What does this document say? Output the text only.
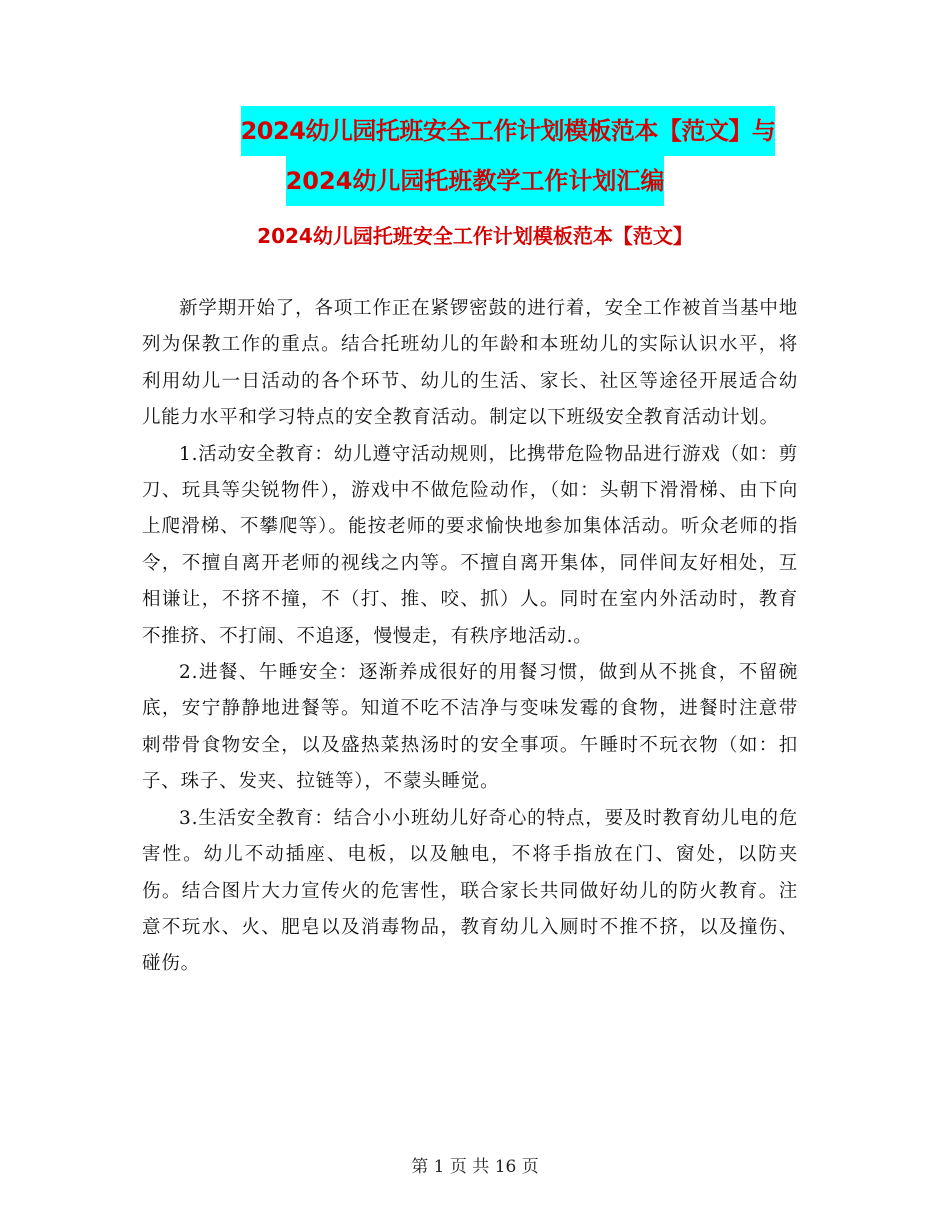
2024幼儿园托班安全工作计划模板范本【范文】与
2024幼儿园托班教学工作计划汇编
2024幼儿园托班安全工作计划模板范本【范文】

新学期开始了，各项工作正在紧锣密鼓的进行着，安全工作被首当基中地列为保教工作的重点。结合托班幼儿的年龄和本班幼儿的实际认识水平，将利用幼儿一日活动的各个环节、幼儿的生活、家长、社区等途径开展适合幼儿能力水平和学习特点的安全教育活动。制定以下班级安全教育活动计划。

1.活动安全教育：幼儿遵守活动规则，比携带危险物品进行游戏（如：剪刀、玩具等尖锐物件），游戏中不做危险动作，（如：头朝下滑滑梯、由下向上爬滑梯、不攀爬等）。能按老师的要求愉快地参加集体活动。听众老师的指令，不擅自离开老师的视线之内等。不擅自离开集体，同伴间友好相处，互相谦让，不挤不撞，不（打、推、咬、抓）人。同时在室内外活动时，教育不推挤、不打闹、不追逐，慢慢走，有秩序地活动.。

2.进餐、午睡安全：逐渐养成很好的用餐习惯，做到从不挑食，不留碗底，安宁静静地进餐等。知道不吃不洁净与变味发霉的食物，进餐时注意带刺带骨食物安全，以及盛热菜热汤时的安全事项。午睡时不玩衣物（如：扣子、珠子、发夹、拉链等），不蒙头睡觉。

3.生活安全教育：结合小小班幼儿好奇心的特点，要及时教育幼儿电的危害性。幼儿不动插座、电板，以及触电，不将手指放在门、窗处，以防夹伤。结合图片大力宣传火的危害性，联合家长共同做好幼儿的防火教育。注意不玩水、火、肥皂以及消毒物品，教育幼儿入厕时不推不挤，以及撞伤、碰伤。

第 1 页 共 16 页
